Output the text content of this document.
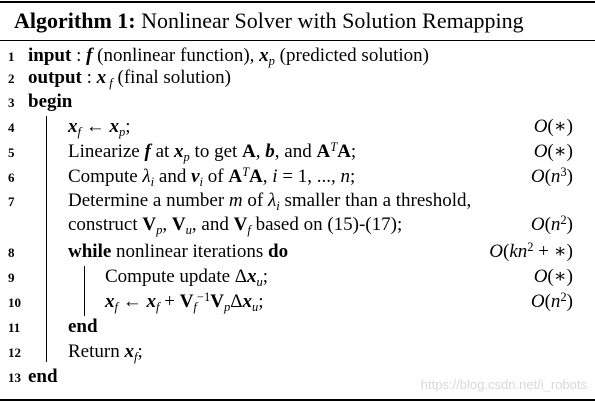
Algorithm 1: Nonlinear Solver with Solution Remapping
1 input : f (nonlinear function), $x_p$ (predicted solution)
2 output : x $_f$ (final solution)
3 begin
4	$x_f$ ← $x_p$;	O(∗)
5	Linearize f at $x_p$ to get A, b, and $A^TA$;	O(∗)
6	Compute $\lambda_i$ and $v_i$ of $A^TA$, i = 1, ..., n;	$O(n^3)$
7	Determine a number m of $\lambda_i$ smaller than a threshold,
construct $V_p$, $V_u$, and $V_f$ based on (15)-(17);	$O(n^2)$
8	while nonlinear iterations do	$O(kn^2$ + ∗)
9	Compute update $\Delta x_u$;	O(∗)
10	$x_f$ ← $x_f + V_f^{-1}V_p\Delta x_u$;	$O(n^2)$
11	end
12	Return $x_f$;
13 end	https://blog.csdn.net/i_robots
